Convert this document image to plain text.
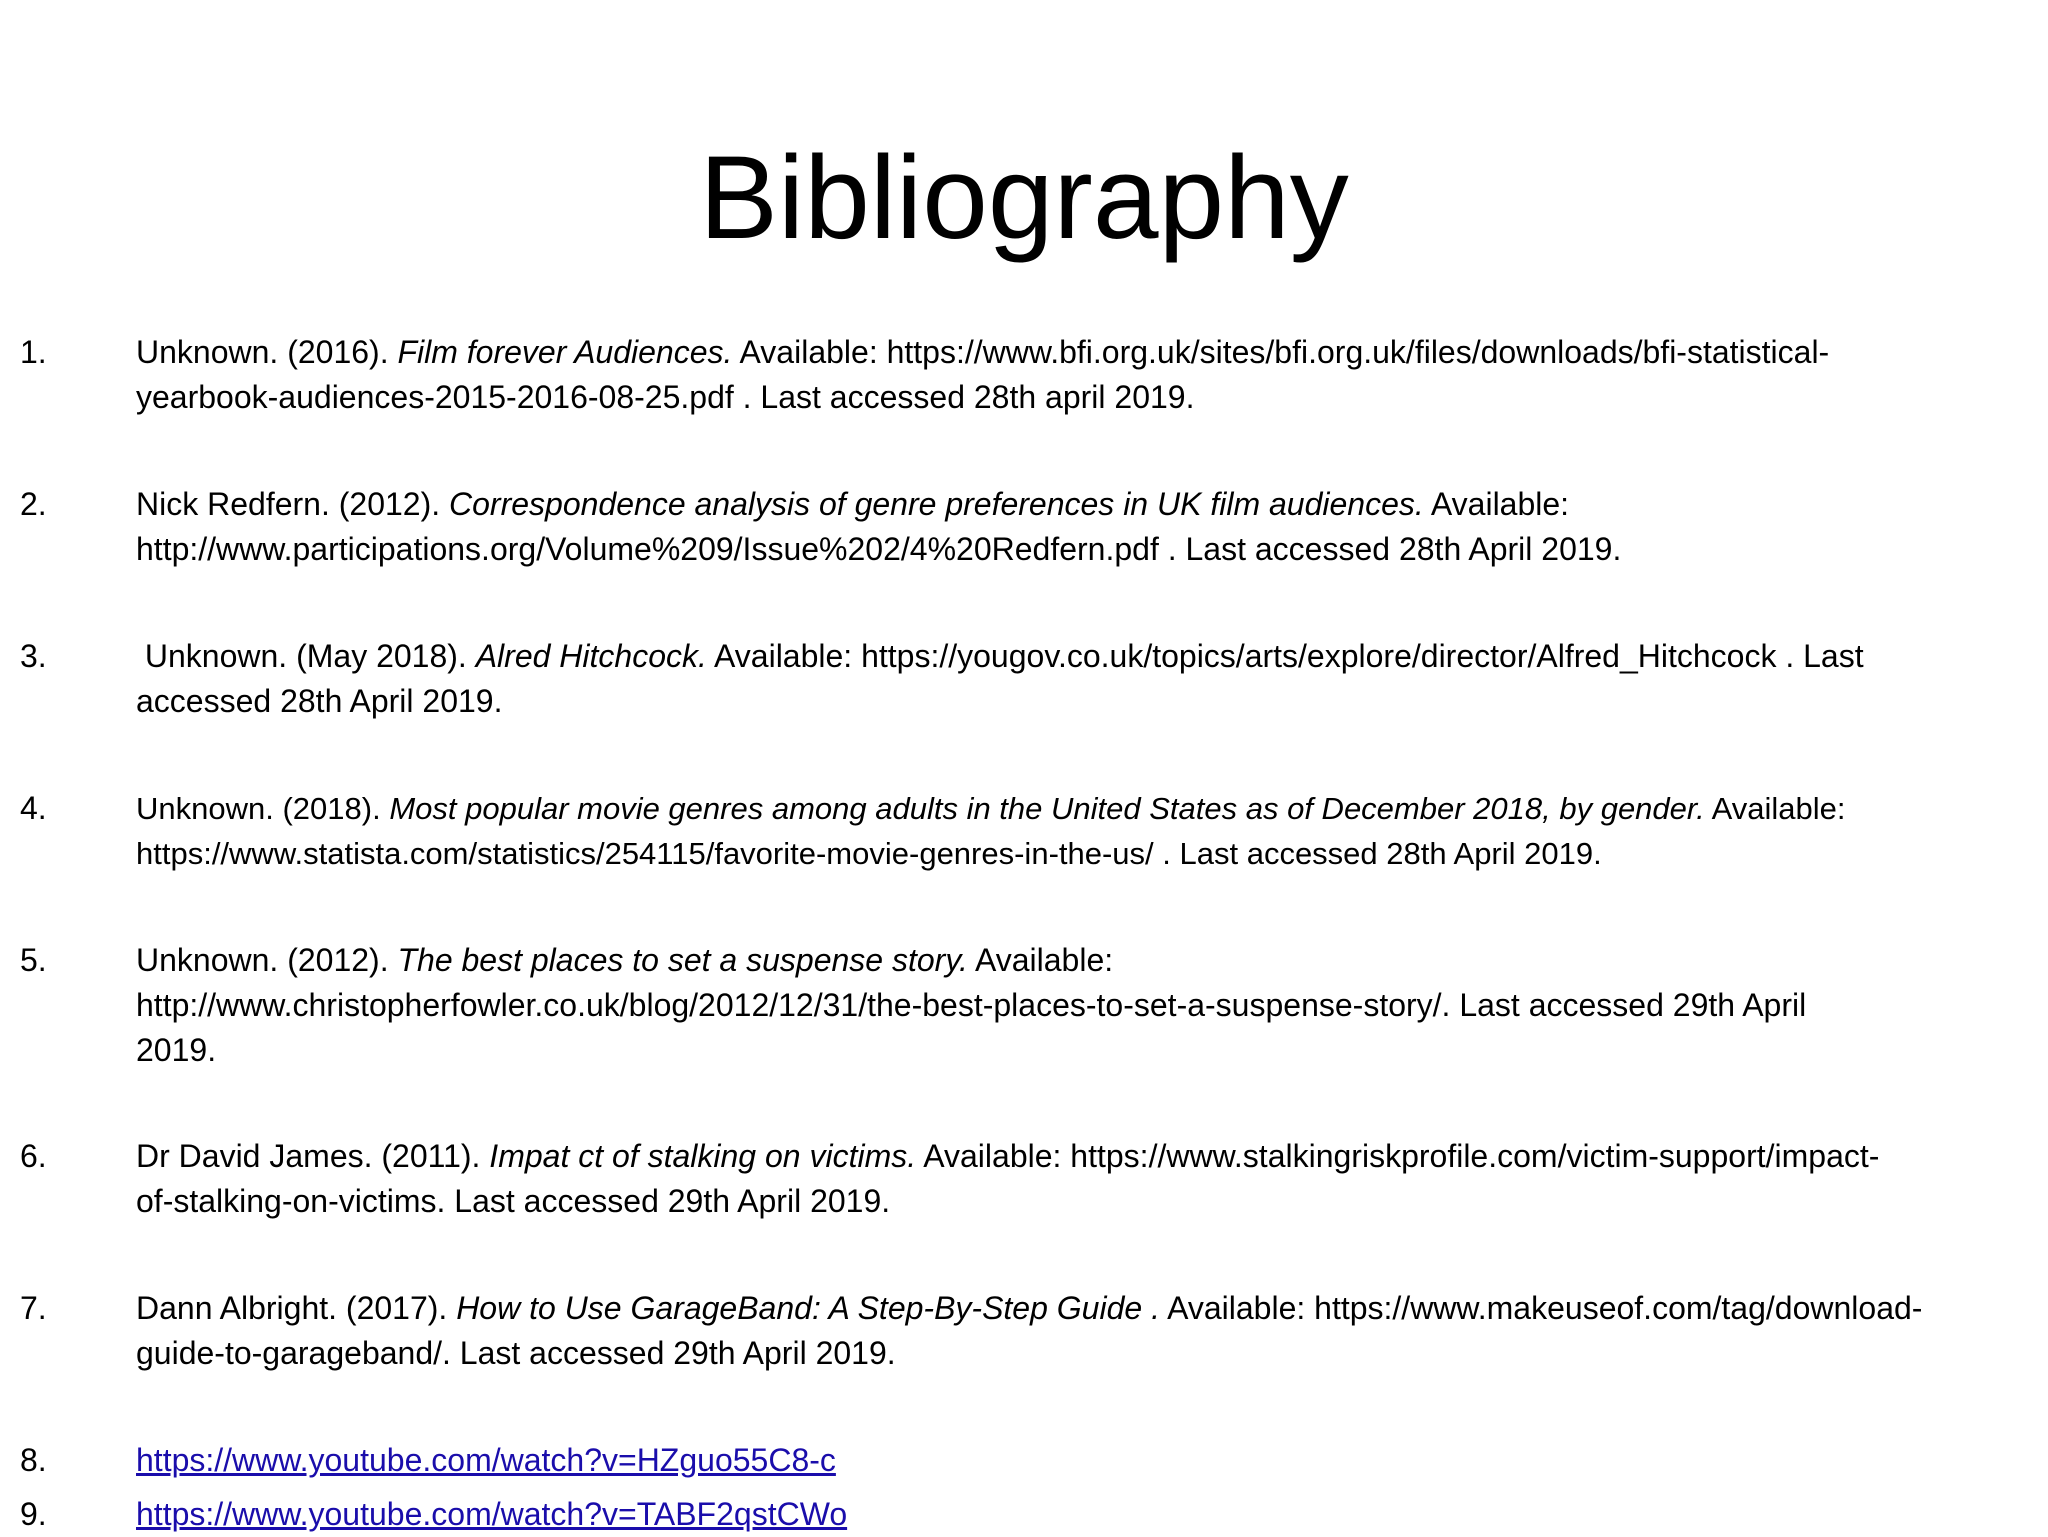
Bibliography
1.	Unknown. (2016). Film forever Audiences. Available: https://www.bfi.org.uk/sites/bfi.org.uk/files/downloads/bfi-statistical-
yearbook-audiences-2015-2016-08-25.pdf . Last accessed 28th april 2019.
2.	Nick Redfern. (2012). Correspondence analysis of genre preferences in UK film audiences. Available:
http://www.participations.org/Volume%209/Issue%202/4%20Redfern.pdf . Last accessed 28th April 2019.
3.	Unknown. (May 2018). Alred Hitchcock. Available: https://yougov.co.uk/topics/arts/explore/director/Alfred_Hitchcock . Last
accessed 28th April 2019.
4.	Unknown. (2018). Most popular movie genres among adults in the United States as of December 2018, by gender. Available:
https://www.statista.com/statistics/254115/favorite-movie-genres-in-the-us/ . Last accessed 28th April 2019.
5.	Unknown. (2012). The best places to set a suspense story. Available:
http://www.christopherfowler.co.uk/blog/2012/12/31/the-best-places-to-set-a-suspense-story/. Last accessed 29th April
2019.
6.	Dr David James. (2011). Impat ct of stalking on victims. Available: https://www.stalkingriskprofile.com/victim-support/impact-
of-stalking-on-victims. Last accessed 29th April 2019.
7.	Dann Albright. (2017). How to Use GarageBand: A Step-By-Step Guide . Available: https://www.makeuseof.com/tag/download-
guide-to-garageband/. Last accessed 29th April 2019.
8.	https://www.youtube.com/watch?v=HZguo55C8-c
9.	https://www.youtube.com/watch?v=TABF2qstCWo
